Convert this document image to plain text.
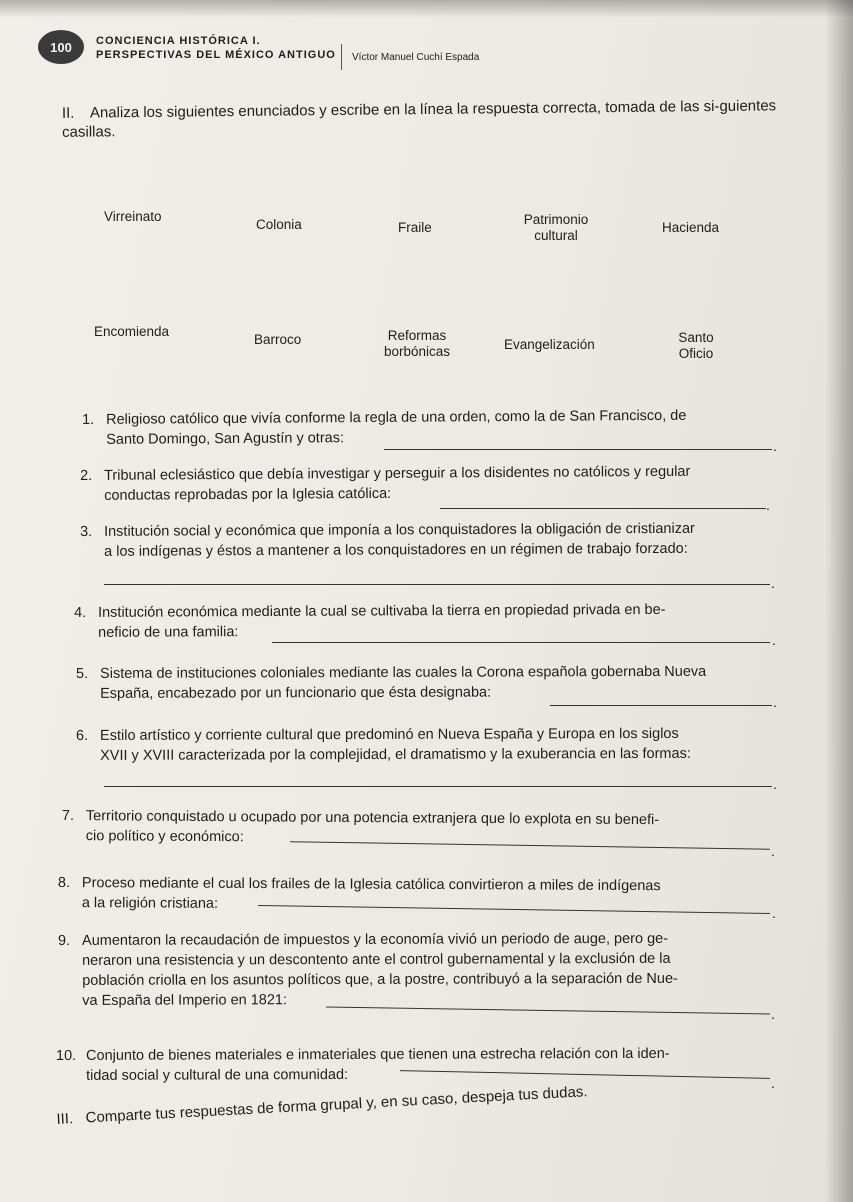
100	CONCIENCIA HISTÓRICA I.
PERSPECTIVAS DEL MÉXICO ANTIGUO Víctor Manuel Cuchí Espada
II. Analiza los siguientes enunciados y escribe en la línea la respuesta correcta, tomada de las si-guientes casillas.
Virreinato
Colonia	Fraile
Patrimonio cultural
Hacienda
Encomienda
Barroco	Reformas borbónicas	Evangelización	Santo Oficio
1. Religioso católico que vivía conforme la regla de una orden, como la de San Francisco, de
Santo Domingo, San Agustín y otras:	.
2. Tribunal eclesiástico que debía investigar y perseguir a los disidentes no católicos y regular
conductas reprobadas por la Iglesia católica:
.
3. Institución social y económica que imponía a los conquistadores la obligación de cristianizar
a los indígenas y éstos a mantener a los conquistadores en un régimen de trabajo forzado:
.
4. Institución económica mediante la cual se cultivaba la tierra en propiedad privada en be-
neficio de una familia:	.
5. Sistema de instituciones coloniales mediante las cuales la Corona española gobernaba Nueva
España, encabezado por un funcionario que ésta designaba:
.
6. Estilo artístico y corriente cultural que predominó en Nueva España y Europa en los siglos
XVII y XVIII caracterizada por la complejidad, el dramatismo y la exuberancia en las formas:
.
7. Territorio conquistado u ocupado por una potencia extranjera que lo explota en su benefi-
cio político y económico:
.
8. Proceso mediante el cual los frailes de la Iglesia católica convirtieron a miles de indígenas
a la religión cristiana:
.
9. Aumentaron la recaudación de impuestos y la economía vivió un periodo de auge, pero ge-
neraron una resistencia y un descontento ante el control gubernamental y la exclusión de la
población criolla en los asuntos políticos que, a la postre, contribuyó a la separación de Nue-
va España del Imperio en 1821:
.
10. Conjunto de bienes materiales e inmateriales que tienen una estrecha relación con la iden-
tidad social y cultural de una comunidad:	.
III. Comparte tus respuestas de forma grupal y, en su caso, despeja tus dudas.
